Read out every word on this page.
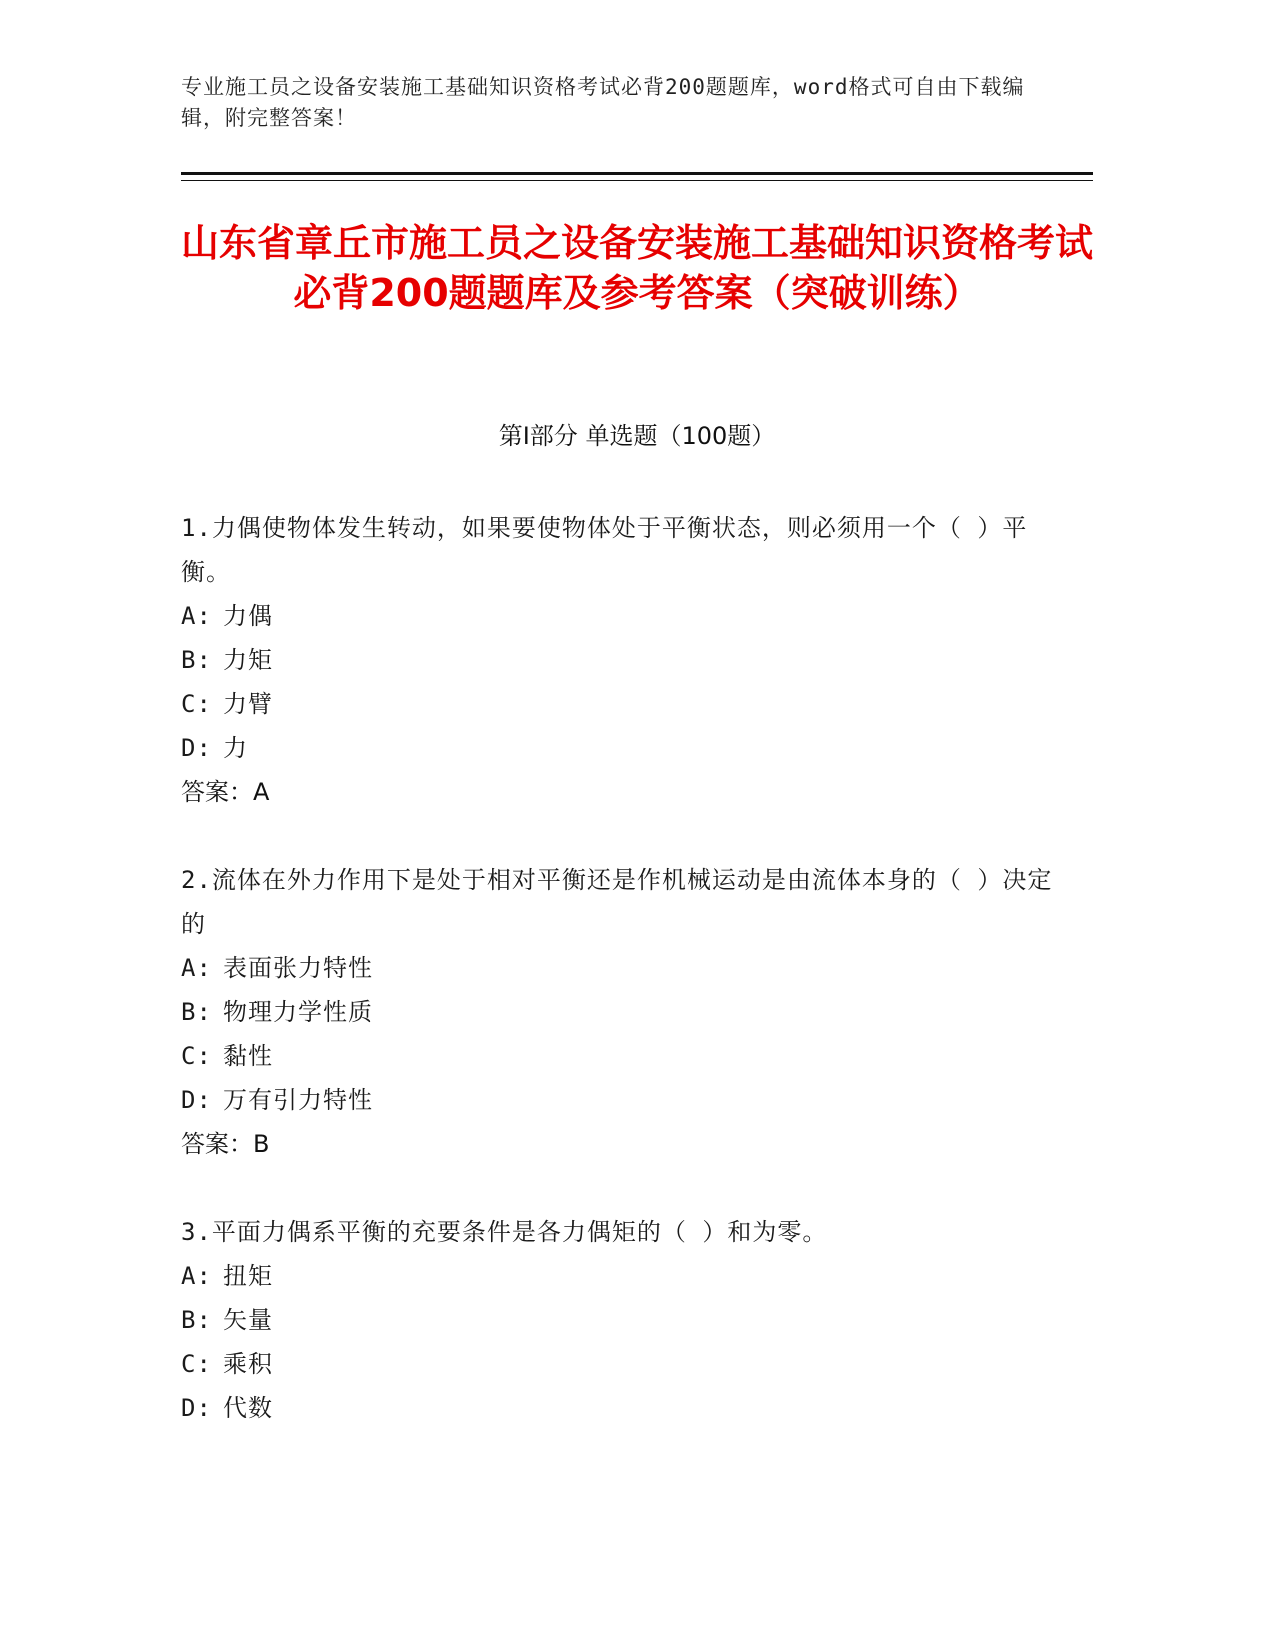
专业施工员之设备安装施工基础知识资格考试必背200题题库，word格式可自由下载编辑，附完整答案！
山东省章丘市施工员之设备安装施工基础知识资格考试必背200题题库及参考答案（突破训练）
第I部分 单选题（100题）
1.力偶使物体发生转动，如果要使物体处于平衡状态，则必须用一个（ ）平衡。
A: 力偶
B: 力矩
C: 力臂
D: 力
答案：A
2.流体在外力作用下是处于相对平衡还是作机械运动是由流体本身的（ ）决定的
A: 表面张力特性
B: 物理力学性质
C: 黏性
D: 万有引力特性
答案：B
3.平面力偶系平衡的充要条件是各力偶矩的（ ）和为零。
A: 扭矩
B: 矢量
C: 乘积
D: 代数
